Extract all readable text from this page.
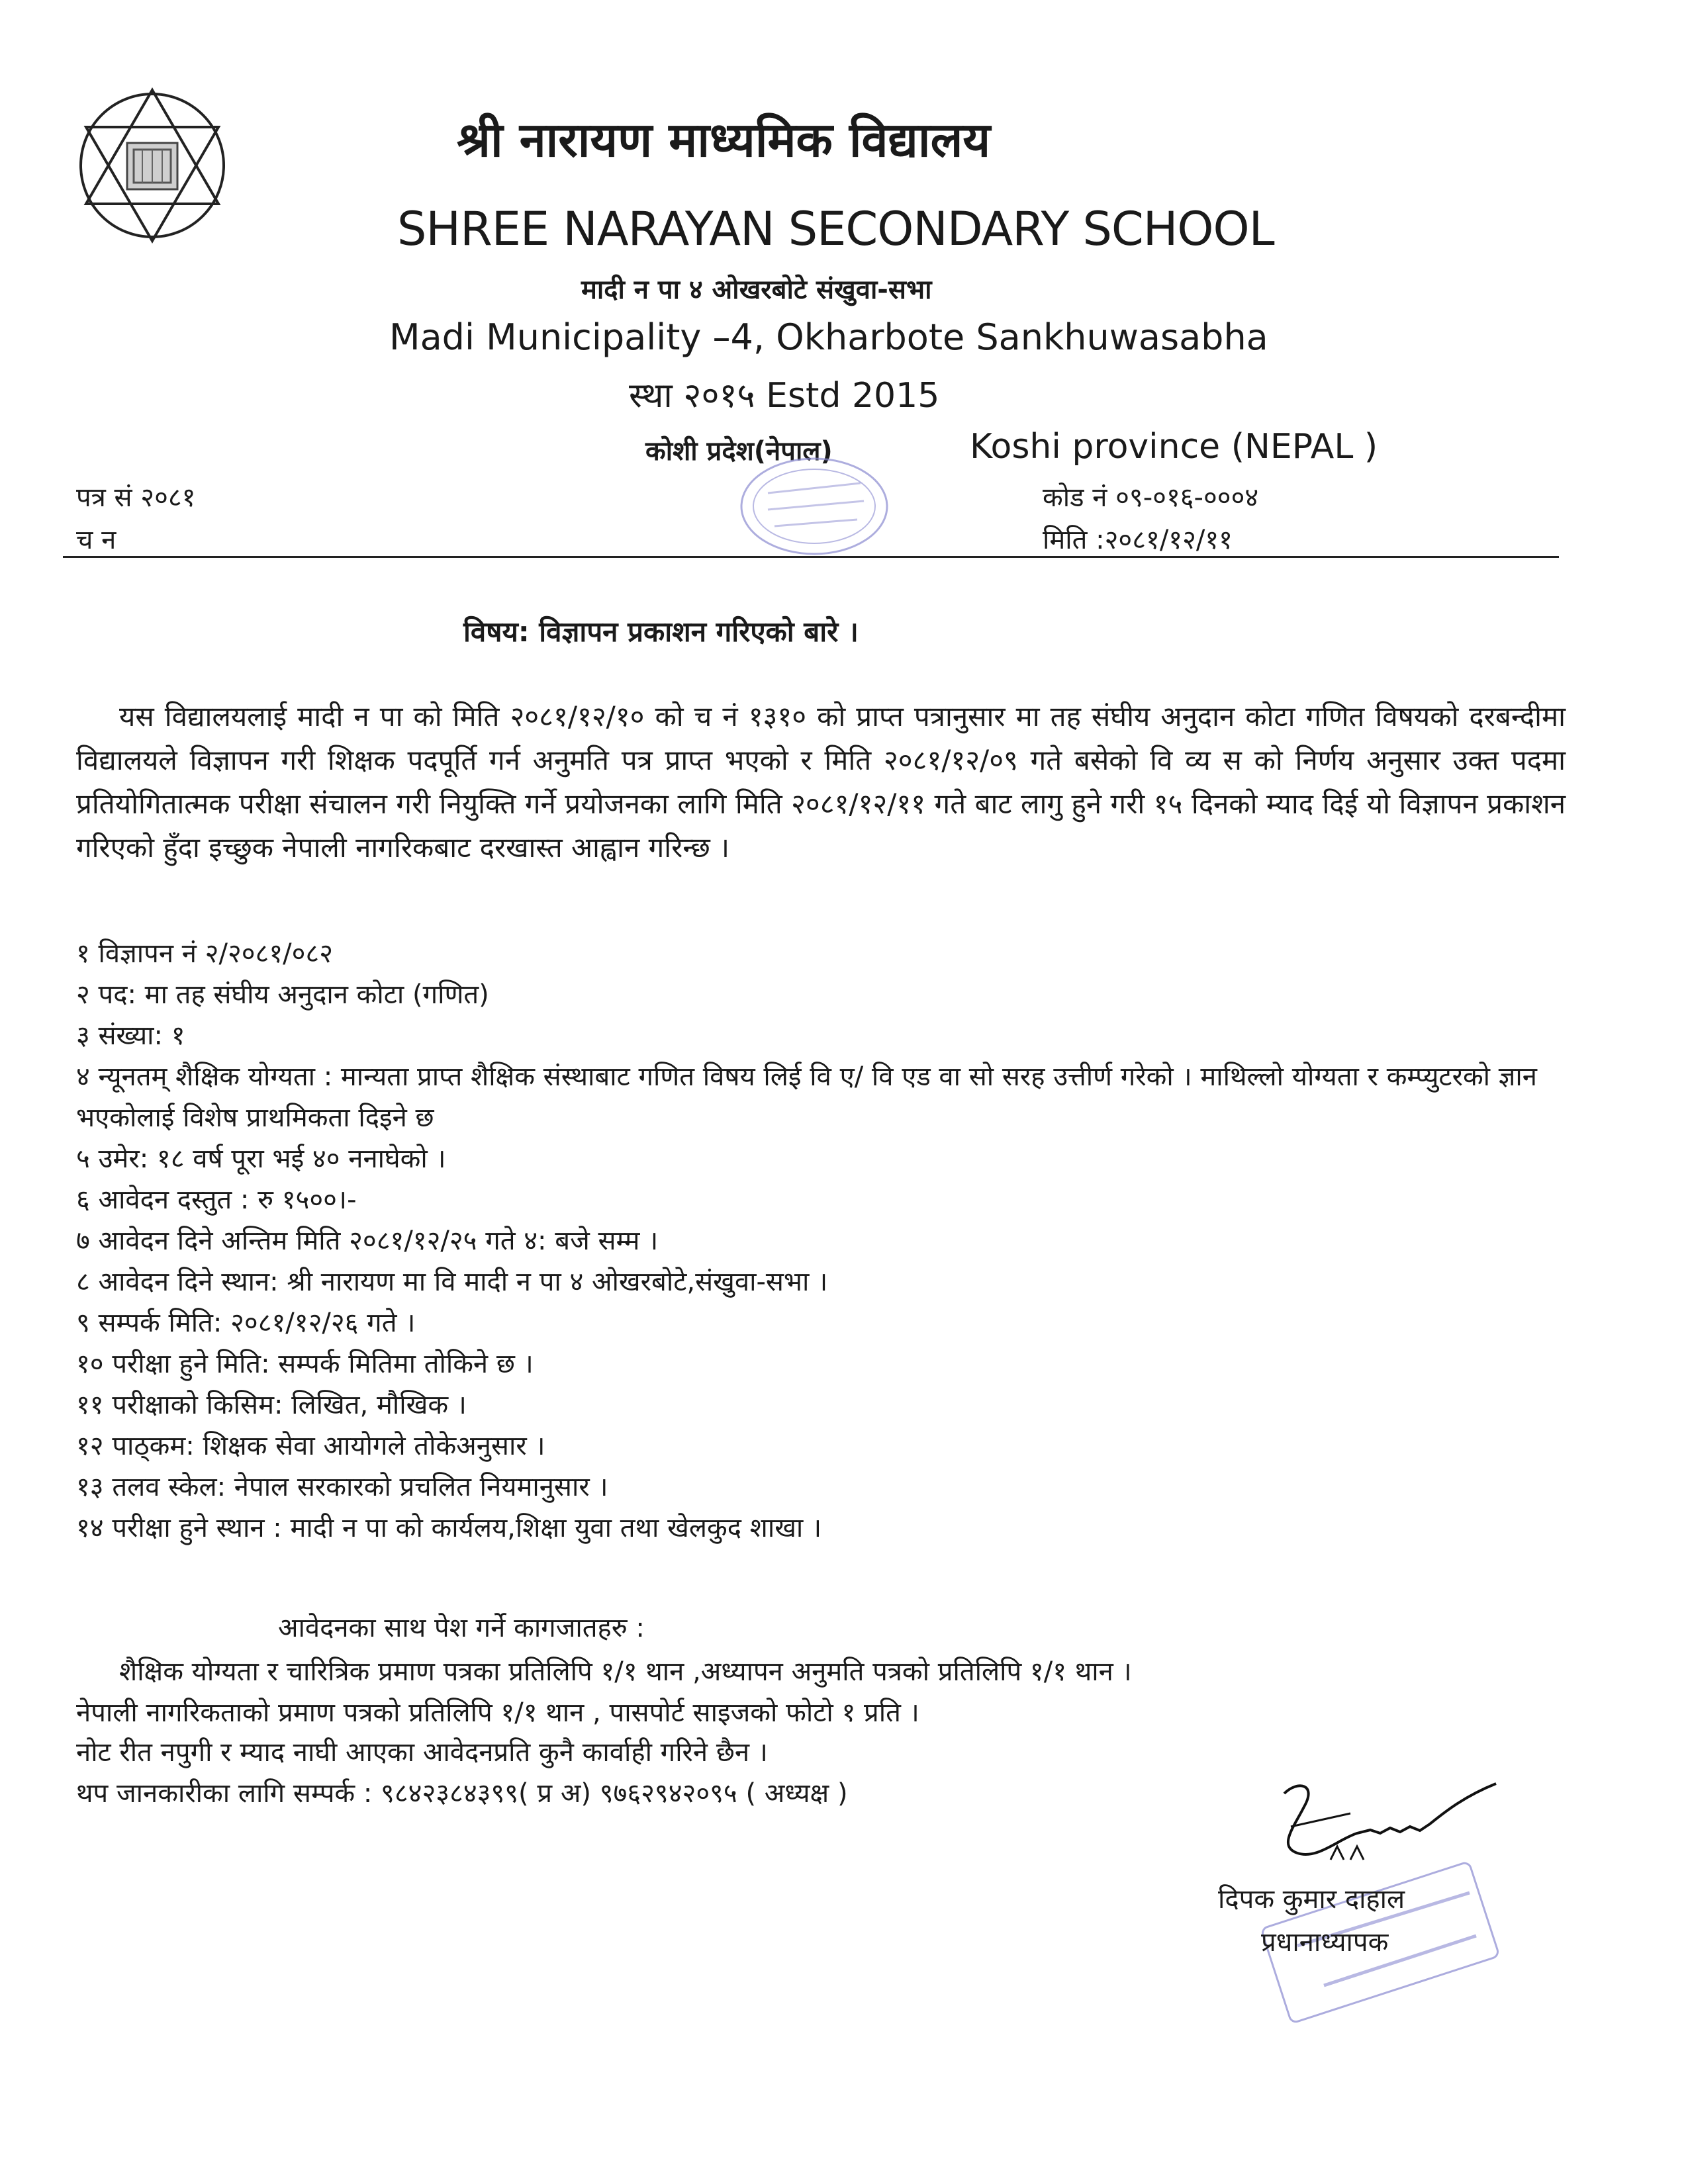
श्री नारायण माध्यमिक विद्यालय
SHREE NARAYAN SECONDARY SCHOOL
मादी न पा ४ ओखरबोटे संखुवा-सभा
Madi Municipality –4, Okharbote Sankhuwasabha
स्था २०१५ Estd 2015
कोशी प्रदेश(नेपाल)	Koshi province (NEPAL )
पत्र सं २०८१
च न
कोड नं ०९-०१६-०००४
मिति :२०८१/१२/११
विषय: विज्ञापन प्रकाशन गरिएको बारे ।
यस विद्यालयलाई मादी न पा को मिति २०८१/१२/१० को च नं १३१० को प्राप्त पत्रानुसार मा तह संघीय अनुदान कोटा गणित विषयको दरबन्दीमा विद्यालयले विज्ञापन गरी शिक्षक पदपूर्ति गर्न अनुमति पत्र प्राप्त भएको र मिति २०८१/१२/०९ गते बसेको वि व्य स को निर्णय अनुसार उक्त पदमा प्रतियोगितात्मक परीक्षा संचालन गरी नियुक्ति गर्ने प्रयोजनका लागि मिति २०८१/१२/११ गते बाट लागु हुने गरी १५ दिनको म्याद दिई यो विज्ञापन प्रकाशन गरिएको हुँदा इच्छुक नेपाली नागरिकबाट दरखास्त आह्वान गरिन्छ ।
१ विज्ञापन नं २/२०८१/०८२
२ पद: मा तह संघीय अनुदान कोटा (गणित)
३ संख्या: १
४ न्यूनतम् शैक्षिक योग्यता : मान्यता प्राप्त शैक्षिक संस्थाबाट गणित विषय लिई वि ए/ वि एड वा सो सरह उत्तीर्ण गरेको । माथिल्लो योग्यता र कम्प्युटरको ज्ञान भएकोलाई विशेष प्राथमिकता दिइने छ
५ उमेर: १८ वर्ष पूरा भई ४० ननाघेको ।
६ आवेदन दस्तुत : रु १५००।-
७ आवेदन दिने अन्तिम मिति २०८१/१२/२५ गते ४: बजे सम्म ।
८ आवेदन दिने स्थान: श्री नारायण मा वि मादी न पा ४ ओखरबोटे,संखुवा-सभा ।
९ सम्पर्क मिति: २०८१/१२/२६ गते ।
१० परीक्षा हुने मिति: सम्पर्क मितिमा तोकिने छ ।
११ परीक्षाको किसिम: लिखित, मौखिक ।
१२ पाठ्कम: शिक्षक सेवा आयोगले तोकेअनुसार ।
१३ तलव स्केल: नेपाल सरकारको प्रचलित नियमानुसार ।
१४ परीक्षा हुने स्थान : मादी न पा को कार्यलय,शिक्षा युवा तथा खेलकुद शाखा ।
आवेदनका साथ पेश गर्ने कागजातहरु :
शैक्षिक योग्यता र चारित्रिक प्रमाण पत्रका प्रतिलिपि १/१ थान ,अध्यापन अनुमति पत्रको प्रतिलिपि १/१ थान ।
नेपाली नागरिकताको प्रमाण पत्रको प्रतिलिपि १/१ थान , पासपोर्ट साइजको फोटो १ प्रति ।
नोट रीत नपुगी र म्याद नाघी आएका आवेदनप्रति कुनै कार्वाही गरिने छैन ।
थप जानकारीका लागि सम्पर्क : ९८४२३८४३९९( प्र अ) ९७६२९४२०९५ ( अध्यक्ष )
दिपक कुमार दाहाल
प्रधानाध्यापक
